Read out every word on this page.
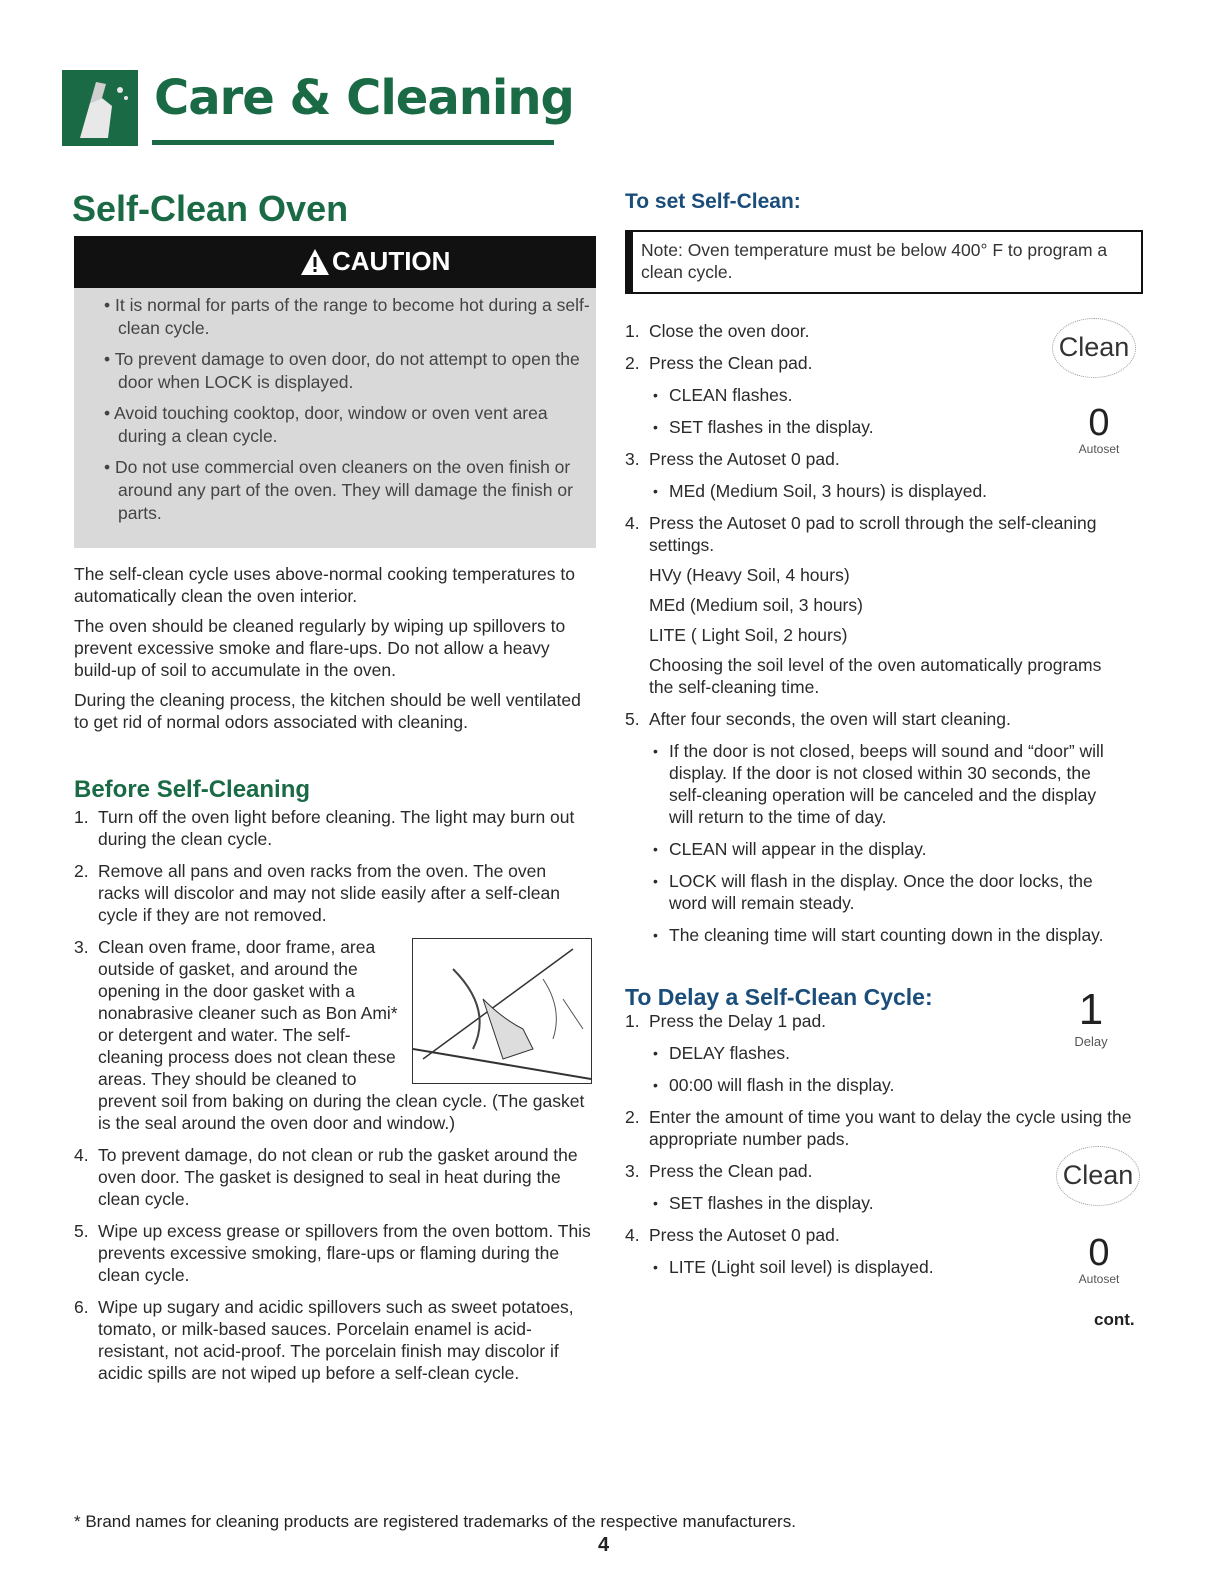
Care & Cleaning
Self-Clean Oven
CAUTION
• It is normal for parts of the range to become hot during a self-clean cycle.
• To prevent damage to oven door, do not attempt to open the door when LOCK is displayed.
• Avoid touching cooktop, door, window or oven vent area during a clean cycle.
• Do not use commercial oven cleaners on the oven finish or around any part of the oven. They will damage the finish or parts.

The self-clean cycle uses above-normal cooking temperatures to automatically clean the oven interior.

The oven should be cleaned regularly by wiping up spillovers to prevent excessive smoke and flare-ups. Do not allow a heavy build-up of soil to accumulate in the oven.

During the cleaning process, the kitchen should be well ventilated to get rid of normal odors associated with cleaning.

Before Self-Cleaning
1. Turn off the oven light before cleaning. The light may burn out during the clean cycle.
2. Remove all pans and oven racks from the oven. The oven racks will discolor and may not slide easily after a self-clean cycle if they are not removed.
3. Clean oven frame, door frame, area outside of gasket, and around the opening in the door gasket with a nonabrasive cleaner such as Bon Ami* or detergent and water. The self-cleaning process does not clean these areas. They should be cleaned to prevent soil from baking on during the clean cycle. (The gasket is the seal around the oven door and window.)
4. To prevent damage, do not clean or rub the gasket around the oven door. The gasket is designed to seal in heat during the clean cycle.
5. Wipe up excess grease or spillovers from the oven bottom. This prevents excessive smoking, flare-ups or flaming during the clean cycle.
6. Wipe up sugary and acidic spillovers such as sweet potatoes, tomato, or milk-based sauces. Porcelain enamel is acid-resistant, not acid-proof. The porcelain finish may discolor if acidic spills are not wiped up before a self-clean cycle.
To set Self-Clean:
Note: Oven temperature must be below 400° F to program a clean cycle.
1. Close the oven door.
2. Press the Clean pad.
• CLEAN flashes.
• SET flashes in the display.
3. Press the Autoset 0 pad.
• MEd (Medium Soil, 3 hours) is displayed.
4. Press the Autoset 0 pad to scroll through the self-cleaning settings.
HVy (Heavy Soil, 4 hours)
MEd (Medium soil, 3 hours)
LITE ( Light Soil, 2 hours)
Choosing the soil level of the oven automatically programs the self-cleaning time.
5. After four seconds, the oven will start cleaning.
• If the door is not closed, beeps will sound and “door” will display. If the door is not closed within 30 seconds, the self-cleaning operation will be canceled and the display will return to the time of day.
• CLEAN will appear in the display.
• LOCK will flash in the display. Once the door locks, the word will remain steady.
• The cleaning time will start counting down in the display.
Clean
0
Autoset
To Delay a Self-Clean Cycle:
1. Press the Delay 1 pad.
• DELAY flashes.
• 00:00 will flash in the display.
2. Enter the amount of time you want to delay the cycle using the appropriate number pads.
3. Press the Clean pad.
• SET flashes in the display.
4. Press the Autoset 0 pad.
• LITE (Light soil level) is displayed.
1
Delay
Clean
0
Autoset
cont.
* Brand names for cleaning products are registered trademarks of the respective manufacturers.
4
